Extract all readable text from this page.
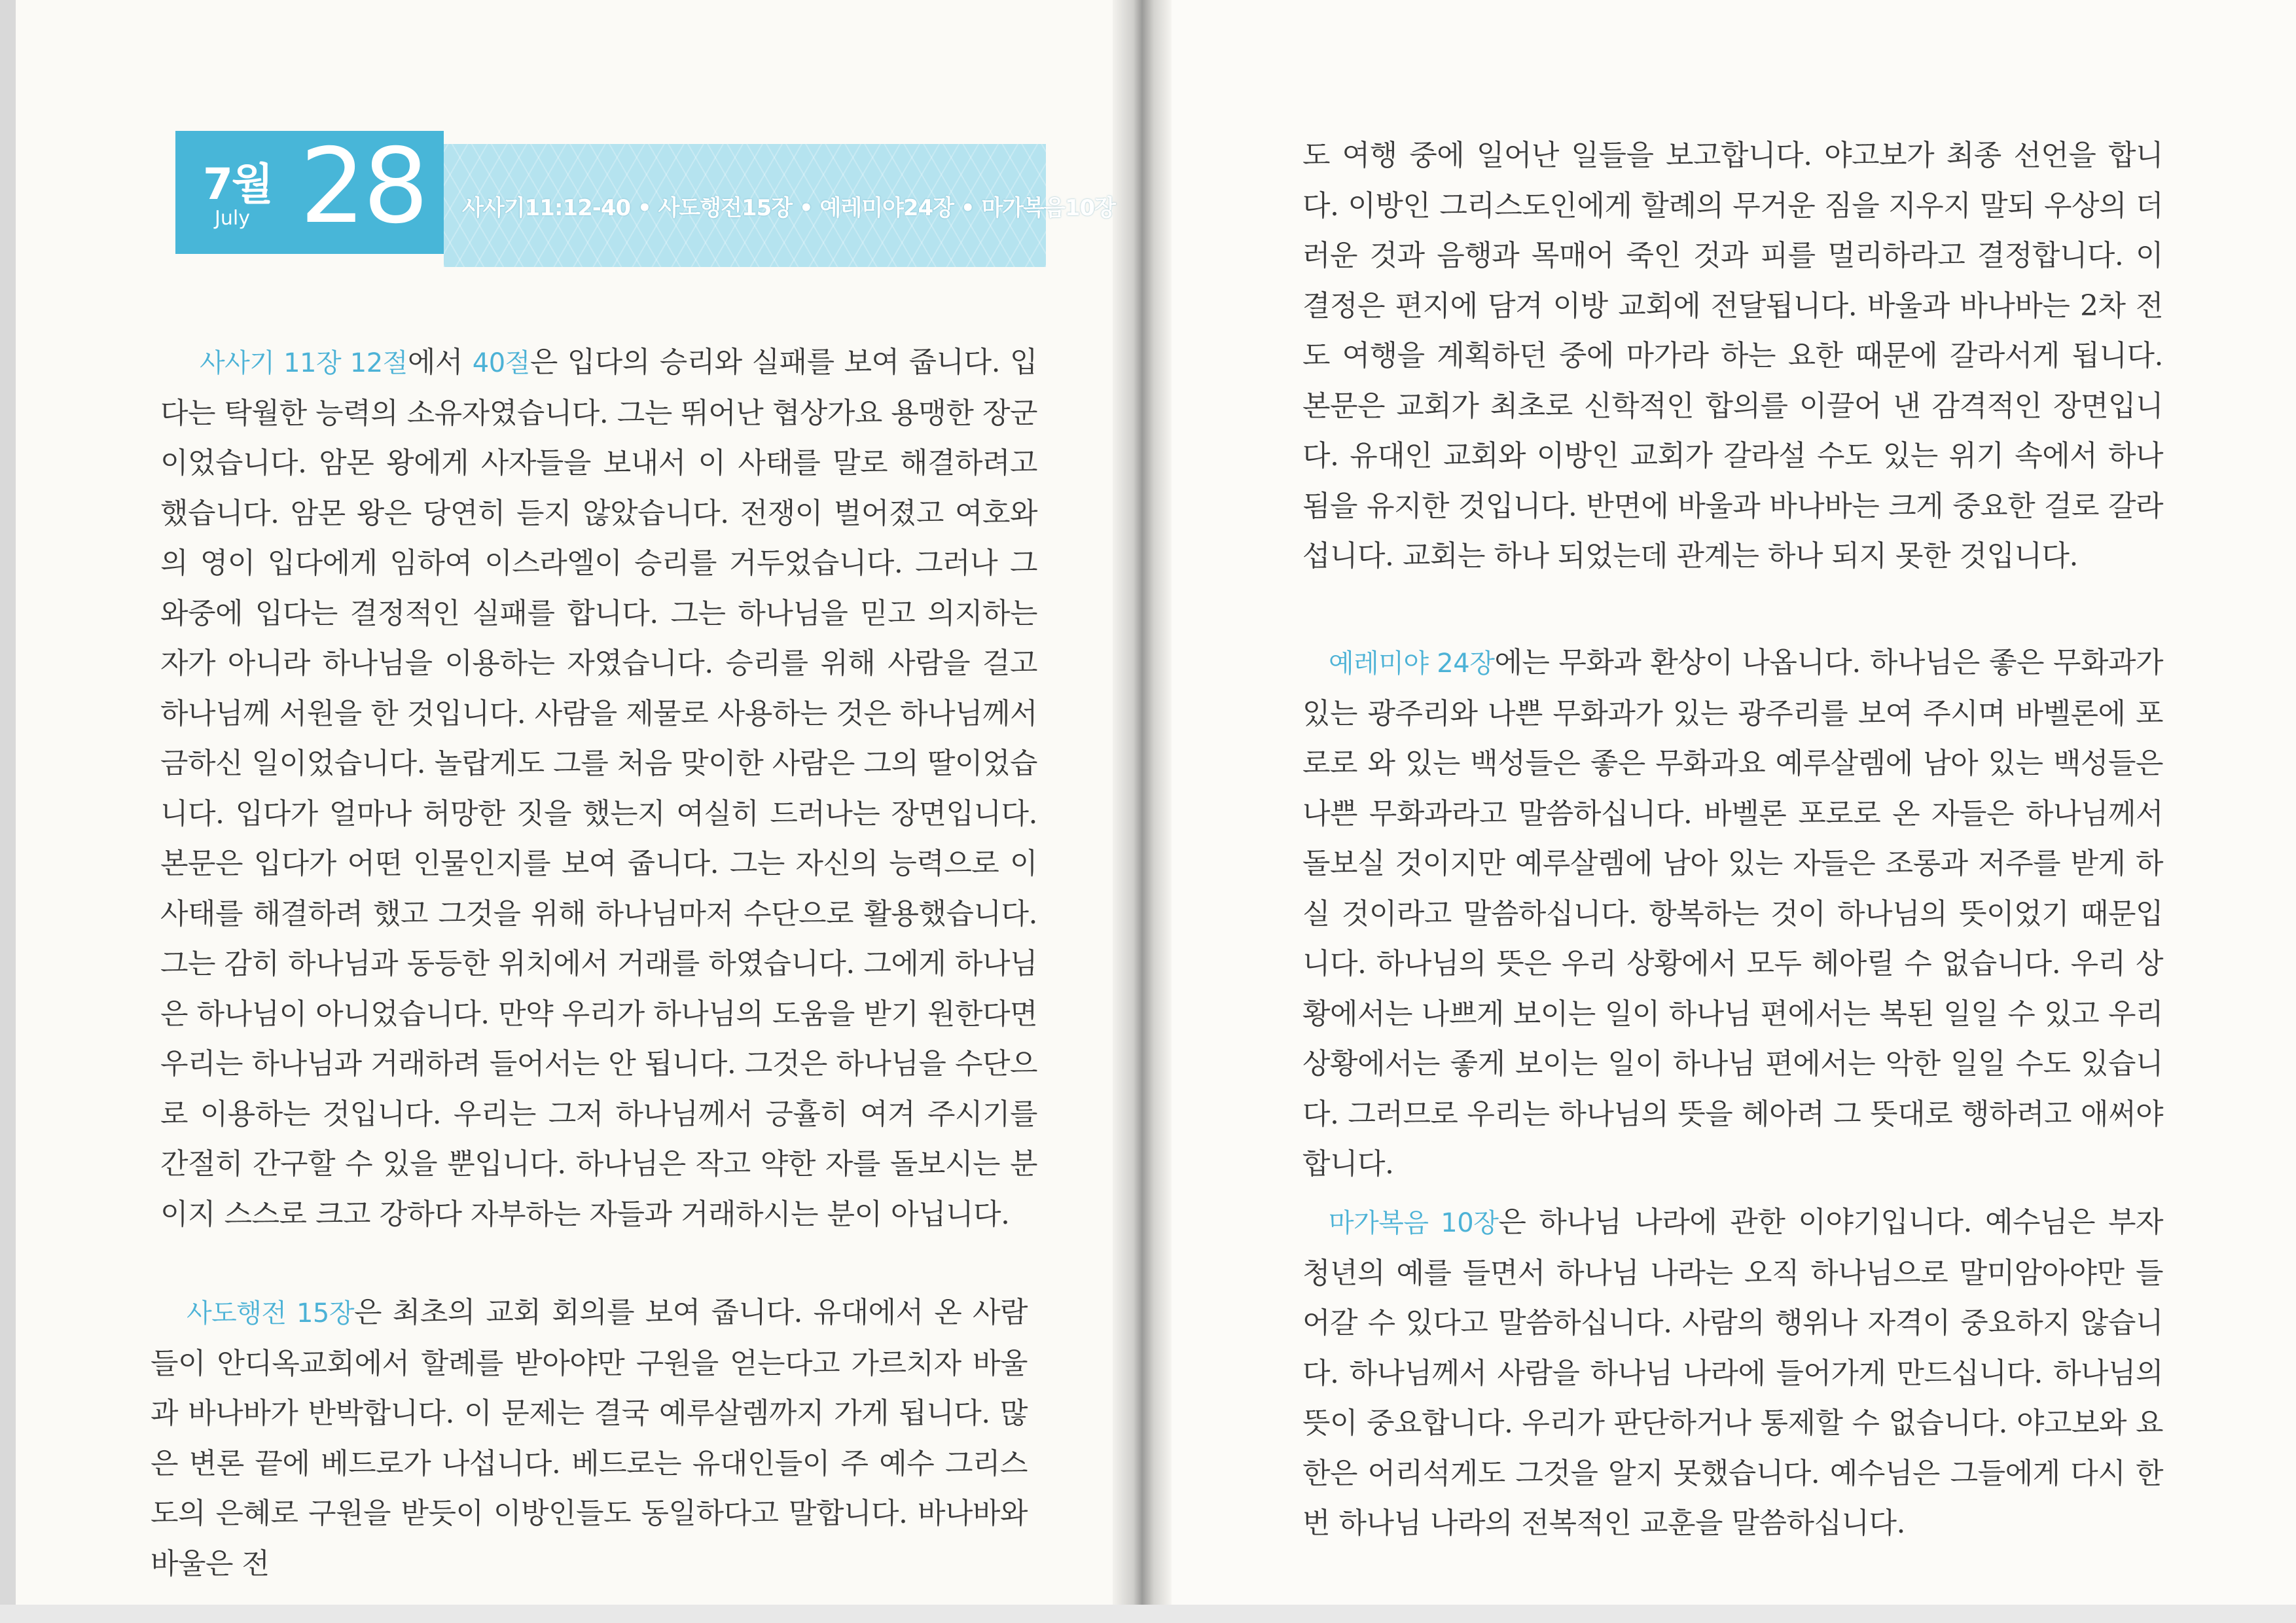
7월
July 28 사사기11:12-40 • 사도행전15장 • 예레미야24장 • 마가복음10장

사사기 11장 12절에서 40절은 입다의 승리와 실패를 보여 줍니다. 입다는 탁월한 능력의 소유자였습니다. 그는 뛰어난 협상가요 용맹한 장군이었습니다. 암몬 왕에게 사자들을 보내서 이 사태를 말로 해결하려고 했습니다. 암몬 왕은 당연히 듣지 않았습니다. 전쟁이 벌어졌고 여호와의 영이 입다에게 임하여 이스라엘이 승리를 거두었습니다. 그러나 그 와중에 입다는 결정적인 실패를 합니다. 그는 하나님을 믿고 의지하는 자가 아니라 하나님을 이용하는 자였습니다. 승리를 위해 사람을 걸고 하나님께 서원을 한 것입니다. 사람을 제물로 사용하는 것은 하나님께서 금하신 일이었습니다. 놀랍게도 그를 처음 맞이한 사람은 그의 딸이었습니다. 입다가 얼마나 허망한 짓을 했는지 여실히 드러나는 장면입니다. 본문은 입다가 어떤 인물인지를 보여 줍니다. 그는 자신의 능력으로 이 사태를 해결하려 했고 그것을 위해 하나님마저 수단으로 활용했습니다. 그는 감히 하나님과 동등한 위치에서 거래를 하였습니다. 그에게 하나님은 하나님이 아니었습니다. 만약 우리가 하나님의 도움을 받기 원한다면 우리는 하나님과 거래하려 들어서는 안 됩니다. 그것은 하나님을 수단으로 이용하는 것입니다. 우리는 그저 하나님께서 긍휼히 여겨 주시기를 간절히 간구할 수 있을 뿐입니다. 하나님은 작고 약한 자를 돌보시는 분이지 스스로 크고 강하다 자부하는 자들과 거래하시는 분이 아닙니다.

사도행전 15장은 최초의 교회 회의를 보여 줍니다. 유대에서 온 사람들이 안디옥교회에서 할례를 받아야만 구원을 얻는다고 가르치자 바울과 바나바가 반박합니다. 이 문제는 결국 예루살렘까지 가게 됩니다. 많은 변론 끝에 베드로가 나섭니다. 베드로는 유대인들이 주 예수 그리스도의 은혜로 구원을 받듯이 이방인들도 동일하다고 말합니다. 바나바와 바울은 전

도 여행 중에 일어난 일들을 보고합니다. 야고보가 최종 선언을 합니다. 이방인 그리스도인에게 할례의 무거운 짐을 지우지 말되 우상의 더러운 것과 음행과 목매어 죽인 것과 피를 멀리하라고 결정합니다. 이 결정은 편지에 담겨 이방 교회에 전달됩니다. 바울과 바나바는 2차 전도 여행을 계획하던 중에 마가라 하는 요한 때문에 갈라서게 됩니다. 본문은 교회가 최초로 신학적인 합의를 이끌어 낸 감격적인 장면입니다. 유대인 교회와 이방인 교회가 갈라설 수도 있는 위기 속에서 하나 됨을 유지한 것입니다. 반면에 바울과 바나바는 크게 중요한 걸로 갈라섭니다. 교회는 하나 되었는데 관계는 하나 되지 못한 것입니다.

예레미야 24장에는 무화과 환상이 나옵니다. 하나님은 좋은 무화과가 있는 광주리와 나쁜 무화과가 있는 광주리를 보여 주시며 바벨론에 포로로 와 있는 백성들은 좋은 무화과요 예루살렘에 남아 있는 백성들은 나쁜 무화과라고 말씀하십니다. 바벨론 포로로 온 자들은 하나님께서 돌보실 것이지만 예루살렘에 남아 있는 자들은 조롱과 저주를 받게 하실 것이라고 말씀하십니다. 항복하는 것이 하나님의 뜻이었기 때문입니다. 하나님의 뜻은 우리 상황에서 모두 헤아릴 수 없습니다. 우리 상황에서는 나쁘게 보이는 일이 하나님 편에서는 복된 일일 수 있고 우리 상황에서는 좋게 보이는 일이 하나님 편에서는 악한 일일 수도 있습니다. 그러므로 우리는 하나님의 뜻을 헤아려 그 뜻대로 행하려고 애써야 합니다.

마가복음 10장은 하나님 나라에 관한 이야기입니다. 예수님은 부자 청년의 예를 들면서 하나님 나라는 오직 하나님으로 말미암아야만 들어갈 수 있다고 말씀하십니다. 사람의 행위나 자격이 중요하지 않습니다. 하나님께서 사람을 하나님 나라에 들어가게 만드십니다. 하나님의 뜻이 중요합니다. 우리가 판단하거나 통제할 수 없습니다. 야고보와 요한은 어리석게도 그것을 알지 못했습니다. 예수님은 그들에게 다시 한 번 하나님 나라의 전복적인 교훈을 말씀하십니다.
